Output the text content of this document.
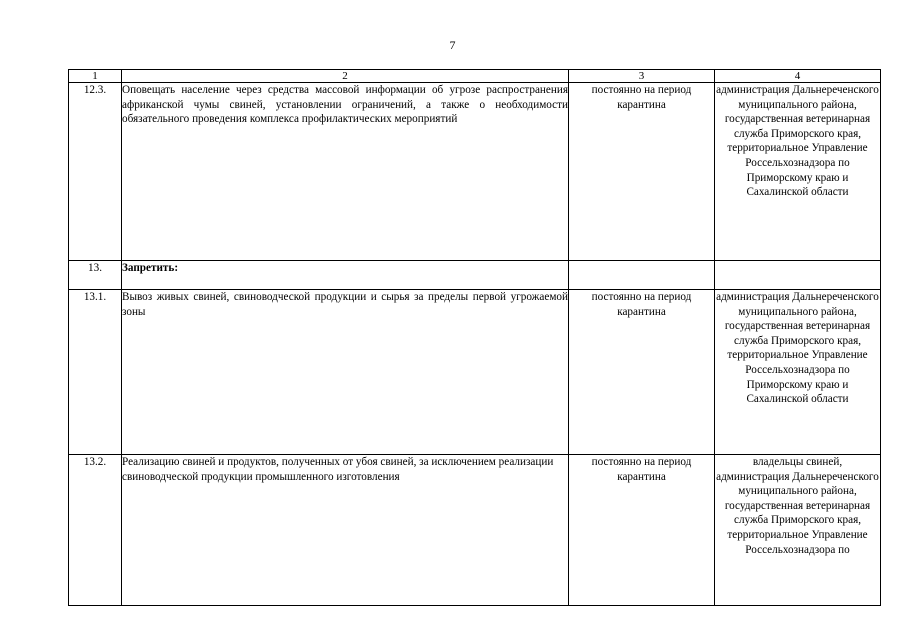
7
1	2	3	4
12.3.	Оповещать население через средства массовой информации об угрозе распространения африканской чумы свиней, установлении ограничений, а также о необходимости обязательного проведения комплекса профилактических мероприятий	постоянно на период карантина	администрация Дальнереченского муниципального района, государственная ветеринарная служба Приморского края, территориальное Управление Россельхознадзора по Приморскому краю и Сахалинской области
13.	Запретить:		
13.1.	Вывоз живых свиней, свиноводческой продукции и сырья за пределы первой угрожаемой зоны	постоянно на период карантина	администрация Дальнереченского муниципального района, государственная ветеринарная служба Приморского края, территориальное Управление Россельхознадзора по Приморскому краю и Сахалинской области
13.2.	Реализацию свиней и продуктов, полученных от убоя свиней, за исключением реализации свиноводческой продукции промышленного изготовления	постоянно на период карантина	владельцы свиней, администрация Дальнереченского муниципального района, государственная ветеринарная служба Приморского края, территориальное Управление Россельхознадзора по
